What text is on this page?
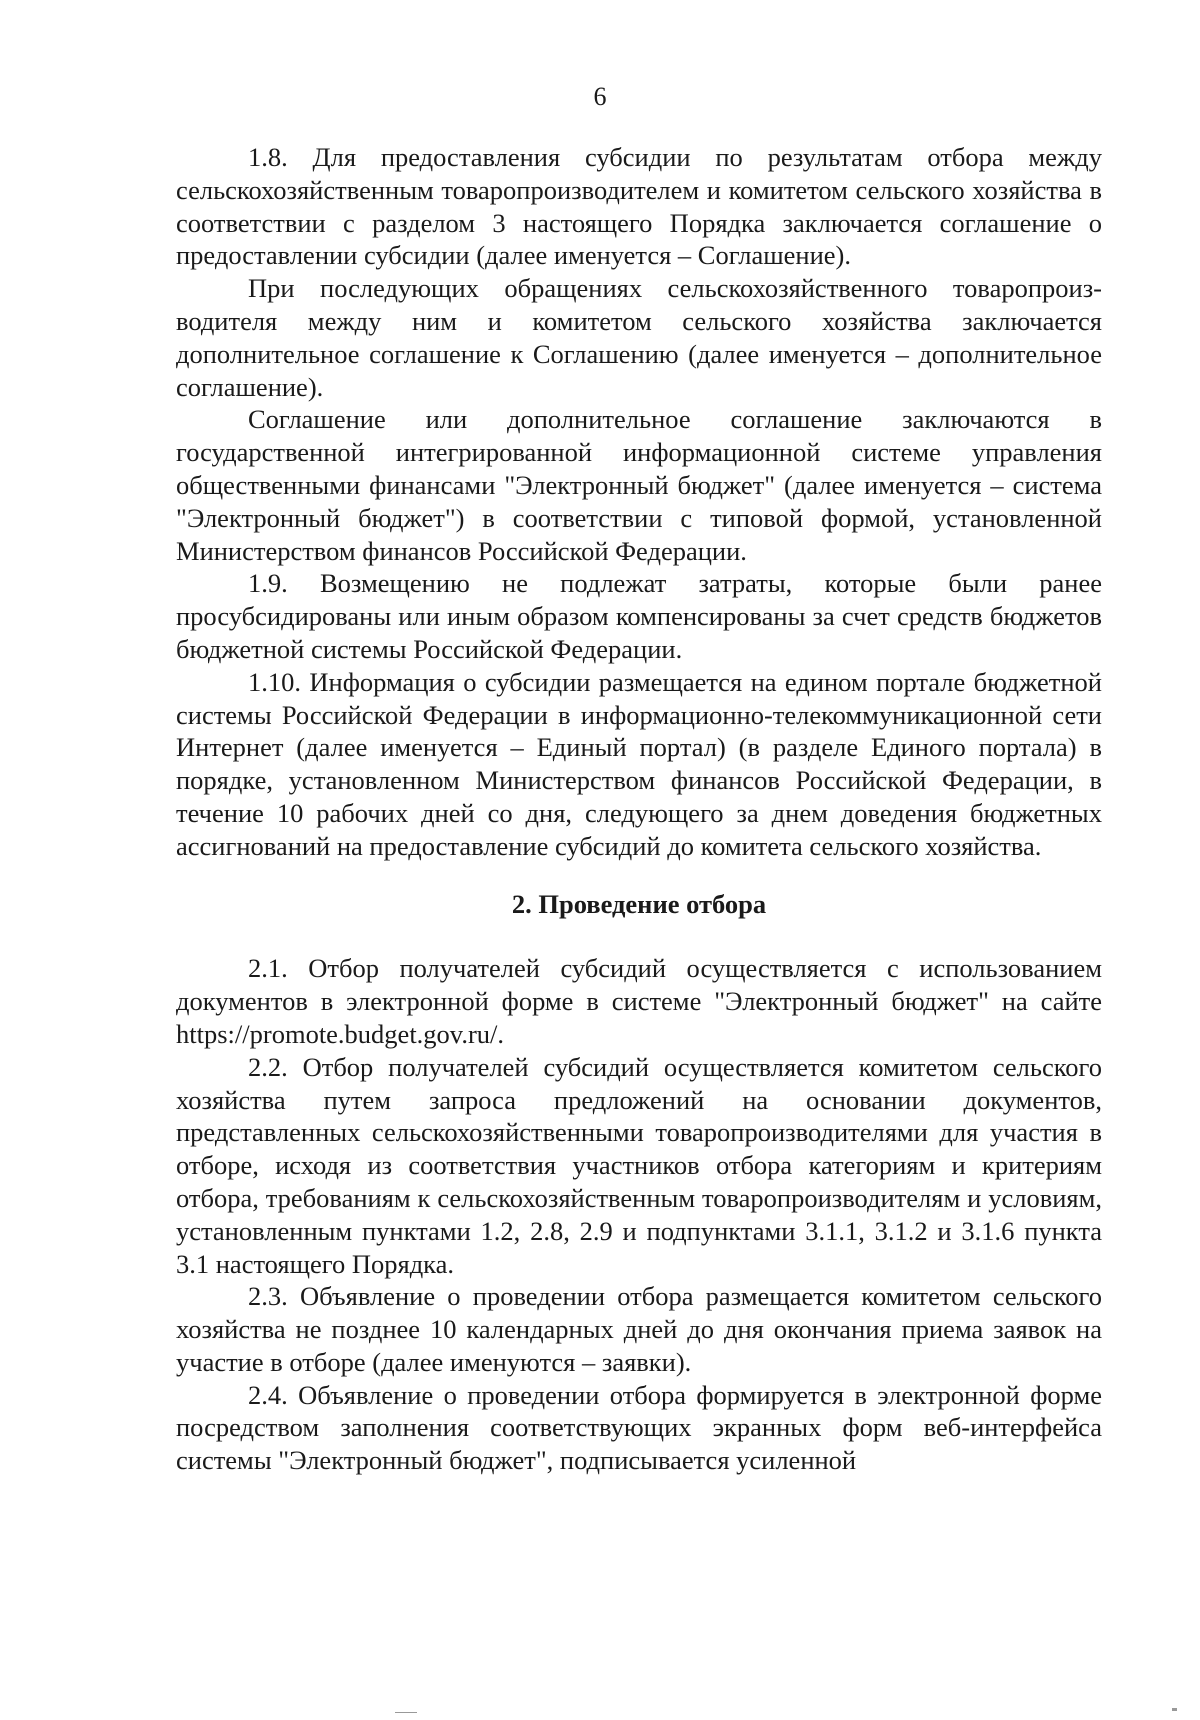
6

1.8. Для предоставления субсидии по результатам отбора между сельскохозяйственным товаропроизводителем и комитетом сельского хозяйства в соответствии с разделом 3 настоящего Порядка заключается соглашение о предоставлении субсидии (далее именуется – Соглашение).

При последующих обращениях сельскохозяйственного товаропроизводителя между ним и комитетом сельского хозяйства заключается дополнительное соглашение к Соглашению (далее именуется – дополнительное соглашение).

Соглашение или дополнительное соглашение заключаются в государственной интегрированной информационной системе управления общественными финансами "Электронный бюджет" (далее именуется – система "Электронный бюджет") в соответствии с типовой формой, установленной Министерством финансов Российской Федерации.

1.9. Возмещению не подлежат затраты, которые были ранее просубсидированы или иным образом компенсированы за счет средств бюджетов бюджетной системы Российской Федерации.

1.10. Информация о субсидии размещается на едином портале бюджетной системы Российской Федерации в информационно-телекоммуникационной сети Интернет (далее именуется – Единый портал) (в разделе Единого портала) в порядке, установленном Министерством финансов Российской Федерации, в течение 10 рабочих дней со дня, следующего за днем доведения бюджетных ассигнований на предоставление субсидий до комитета сельского хозяйства.

2. Проведение отбора

2.1. Отбор получателей субсидий осуществляется с использованием документов в электронной форме в системе "Электронный бюджет" на сайте https://promote.budget.gov.ru/.

2.2. Отбор получателей субсидий осуществляется комитетом сельского хозяйства путем запроса предложений на основании документов, представленных сельскохозяйственными товаропроизводителями для участия в отборе, исходя из соответствия участников отбора категориям и критериям отбора, требованиям к сельскохозяйственным товаропроизводителям и условиям, установленным пунктами 1.2, 2.8, 2.9 и подпунктами 3.1.1, 3.1.2 и 3.1.6 пункта 3.1 настоящего Порядка.

2.3. Объявление о проведении отбора размещается комитетом сельского хозяйства не позднее 10 календарных дней до дня окончания приема заявок на участие в отборе (далее именуются – заявки).

2.4. Объявление о проведении отбора формируется в электронной форме посредством заполнения соответствующих экранных форм веб-интерфейса системы "Электронный бюджет", подписывается усиленной
